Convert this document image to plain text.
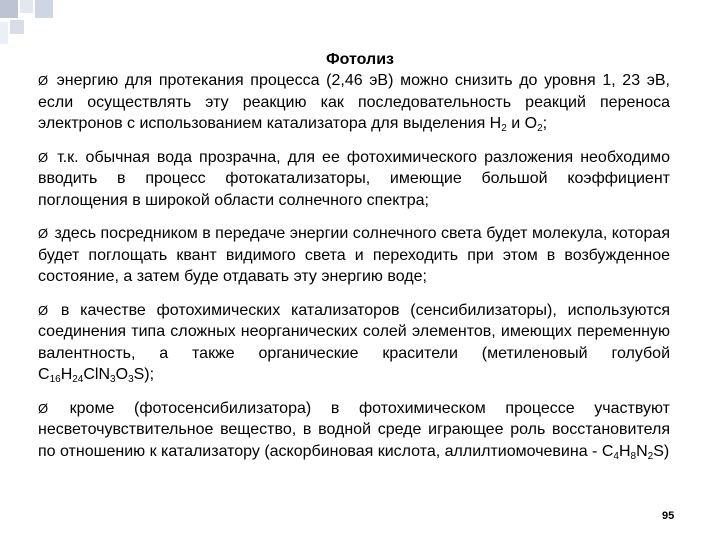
Фотолиз

Ø энергию для протекания процесса (2,46 эВ) можно снизить до уровня 1, 23 эВ, если осуществлять эту реакцию как последовательность реакций переноса электронов с использованием катализатора для выделения $Н_2$ и $О_2$;

Ø т.к. обычная вода прозрачна, для ее фотохимического разложения необходимо вводить в процесс фотокатализаторы, имеющие большой коэффициент поглощения в широкой области солнечного спектра;

Ø здесь посредником в передаче энергии солнечного света будет молекула, которая будет поглощать квант видимого света и переходить при этом в возбужденное состояние, а затем буде отдавать эту энергию воде;

Ø в качестве фотохимических катализаторов (сенсибилизаторы), используются соединения типа сложных неорганических солей элементов, имеющих переменную валентность, а также органические красители (метиленовый голубой $С_{16}Н_{24}ClN_3O_3S$);

Ø кроме (фотосенсибилизатора) в фотохимическом процессе участвуют несветочувствительное вещество, в водной среде играющее роль восстановителя по отношению к катализатору (аскорбиновая кислота, аллилтиомочевина - $С_4Н_8N_2S$)

95
